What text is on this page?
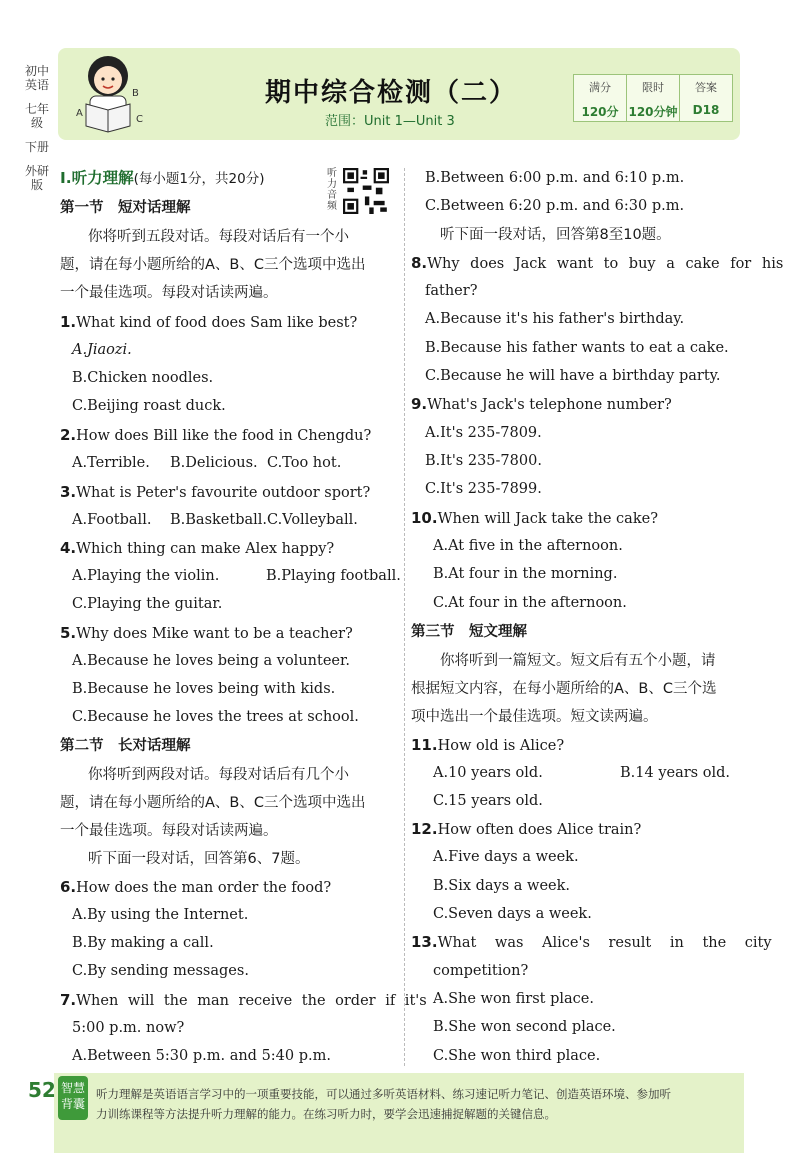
初中英语
七年级
下册
外研版
B
A
C
期中综合检测（二）
范围：Unit 1—Unit 3
满分
120分
限时
120分钟
答案
D18
Ⅰ.听力理解(每小题1分，共20分)	听力音频
第一节　短对话理解
你将听到五段对话。每段对话后有一个小
题，请在每小题所给的A、B、C三个选项中选出
一个最佳选项。每段对话读两遍。
1.What kind of food does Sam like best?
A.Jiaozi.
B.Chicken noodles.
C.Beijing roast duck.
2.How does Bill like the food in Chengdu?
A.Terrible. B.Delicious. C.Too hot.
3.What is Peter's favourite outdoor sport?
A.Football. B.Basketball. C.Volleyball.
4.Which thing can make Alex happy?
A.Playing the violin.	B.Playing football.
C.Playing the guitar.
5.Why does Mike want to be a teacher?
A.Because he loves being a volunteer.
B.Because he loves being with kids.
C.Because he loves the trees at school.
第二节　长对话理解
你将听到两段对话。每段对话后有几个小
题，请在每小题所给的A、B、C三个选项中选出
一个最佳选项。每段对话读两遍。
听下面一段对话，回答第6、7题。
6.How does the man order the food?
A.By using the Internet.
B.By making a call.
C.By sending messages.
7.When will the man receive the order if it's
5:00 p.m. now?
A.Between 5:30 p.m. and 5:40 p.m.
B.Between 6:00 p.m. and 6:10 p.m.
C.Between 6:20 p.m. and 6:30 p.m.
听下面一段对话，回答第8至10题。
8.Why does Jack want to buy a cake for his
father?
A.Because it's his father's birthday.
B.Because his father wants to eat a cake.
C.Because he will have a birthday party.
9.What's Jack's telephone number?
A.It's 235-7809.
B.It's 235-7800.
C.It's 235-7899.
10.When will Jack take the cake?
A.At five in the afternoon.
B.At four in the morning.
C.At four in the afternoon.
第三节　短文理解
你将听到一篇短文。短文后有五个小题，请
根据短文内容，在每小题所给的A、B、C三个选
项中选出一个最佳选项。短文读两遍。
11.How old is Alice?
A.10 years old.	B.14 years old.
C.15 years old.
12.How often does Alice train?
A.Five days a week.
B.Six days a week.
C.Seven days a week.
13.What was Alice's result in the city
competition?
A.She won first place.
B.She won second place.
C.She won third place.
52 智慧背囊
听力理解是英语语言学习中的一项重要技能，可以通过多听英语材料、练习速记听力笔记、创造英语环境、参加听
力训练课程等方法提升听力理解的能力。在练习听力时，要学会迅速捕捉解题的关键信息。
